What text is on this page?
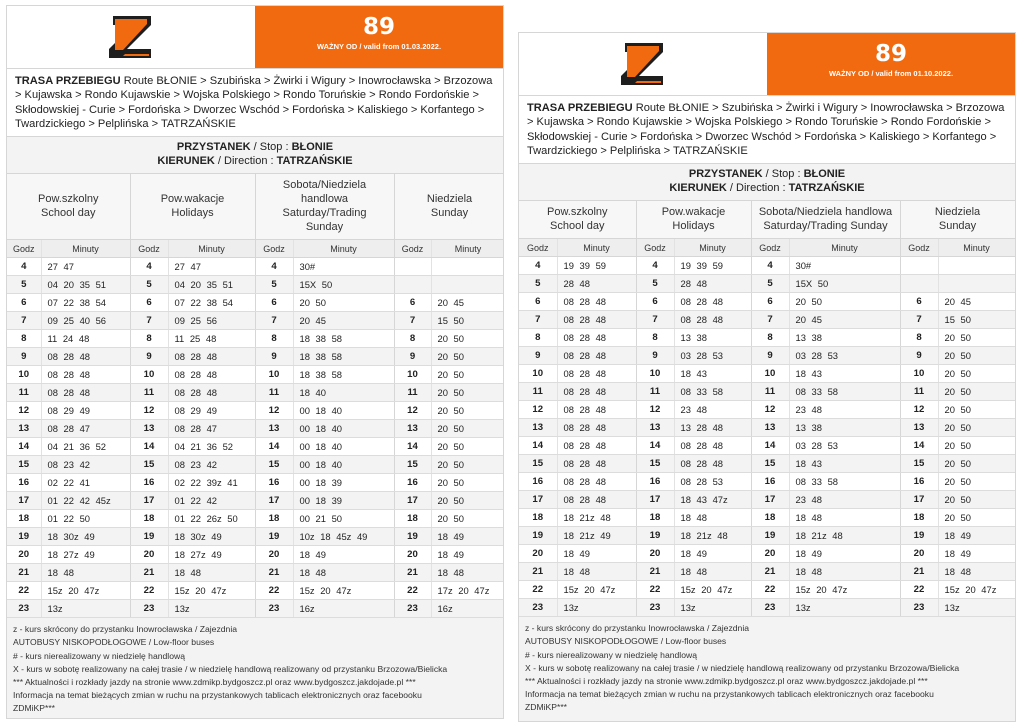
89
WAŻNY OD / valid from 01.03.2022.
TRASA PRZEBIEGU Route BŁONIE > Szubińska > Żwirki i Wigury > Inowrocławska > Brzozowa > Kujawska > Rondo Kujawskie > Wojska Polskiego > Rondo Toruńskie > Rondo Fordońskie > Skłodowskiej - Curie > Fordońska > Dworzec Wschód > Fordońska > Kaliskiego > Korfantego > Twardzickiego > Pelplińska > TATRZAŃSKIE
PRZYSTANEK / Stop : BŁONIE
KIERUNEK / Direction : TATRZAŃSKIE
Pow.szkolny
School day		Pow.wakacje
Holidays		Sobota/Niedziela
handlowa
Saturday/Trading
Sunday		Niedziela
Sunday	
Godz	Minuty	Godz	Minuty	Godz	Minuty	Godz	Minuty
4	27 47	4	27 47	4	30#		
5	04 20 35 51	5	04 20 35 51	5	15X 50		
6	07 22 38 54	6	07 22 38 54	6	20 50	6	20 45
7	09 25 40 56	7	09 25 56	7	20 45	7	15 50
8	11 24 48	8	11 25 48	8	18 38 58	8	20 50
9	08 28 48	9	08 28 48	9	18 38 58	9	20 50
10	08 28 48	10	08 28 48	10	18 38 58	10	20 50
11	08 28 48	11	08 28 48	11	18 40	11	20 50
12	08 29 49	12	08 29 49	12	00 18 40	12	20 50
13	08 28 47	13	08 28 47	13	00 18 40	13	20 50
14	04 21 36 52	14	04 21 36 52	14	00 18 40	14	20 50
15	08 23 42	15	08 23 42	15	00 18 40	15	20 50
16	02 22 41	16	02 22 39z 41	16	00 18 39	16	20 50
17	01 22 42 45z	17	01 22 42	17	00 18 39	17	20 50
18	01 22 50	18	01 22 26z 50	18	00 21 50	18	20 50
19	18 30z 49	19	18 30z 49	19	10z 18 45z 49	19	18 49
20	18 27z 49	20	18 27z 49	20	18 49	20	18 49
21	18 48	21	18 48	21	18 48	21	18 48
22	15z 20 47z	22	15z 20 47z	22	15z 20 47z	22	17z 20 47z
23	13z	23	13z	23	16z	23	16z
z - kurs skrócony do przystanku Inowrocławska / Zajezdnia
AUTOBUSY NISKOPODŁOGOWE / Low-floor buses
# - kurs nierealizowany w niedzielę handlową
X - kurs w sobotę realizowany na całej trasie / w niedzielę handlową realizowany od przystanku Brzozowa/Bielicka
*** Aktualności i rozkłady jazdy na stronie www.zdmikp.bydgoszcz.pl oraz www.bydgoszcz.jakdojade.pl ***
Informacja na temat bieżących zmian w ruchu na przystankowych tablicach elektronicznych oraz facebooku
ZDMiKP***
89
WAŻNY OD / valid from 01.10.2022.
TRASA PRZEBIEGU Route BŁONIE > Szubińska > Żwirki i Wigury > Inowrocławska > Brzozowa > Kujawska > Rondo Kujawskie > Wojska Polskiego > Rondo Toruńskie > Rondo Fordońskie > Skłodowskiej - Curie > Fordońska > Dworzec Wschód > Fordońska > Kaliskiego > Korfantego > Twardzickiego > Pelplińska > TATRZAŃSKIE
PRZYSTANEK / Stop : BŁONIE
KIERUNEK / Direction : TATRZAŃSKIE
Pow.szkolny
School day		Pow.wakacje
Holidays		Sobota/Niedziela handlowa
Saturday/Trading Sunday		Niedziela
Sunday	
Godz	Minuty	Godz	Minuty	Godz	Minuty	Godz	Minuty
4	19 39 59	4	19 39 59	4	30#		
5	28 48	5	28 48	5	15X 50		
6	08 28 48	6	08 28 48	6	20 50	6	20 45
7	08 28 48	7	08 28 48	7	20 45	7	15 50
8	08 28 48	8	13 38	8	13 38	8	20 50
9	08 28 48	9	03 28 53	9	03 28 53	9	20 50
10	08 28 48	10	18 43	10	18 43	10	20 50
11	08 28 48	11	08 33 58	11	08 33 58	11	20 50
12	08 28 48	12	23 48	12	23 48	12	20 50
13	08 28 48	13	13 28 48	13	13 38	13	20 50
14	08 28 48	14	08 28 48	14	03 28 53	14	20 50
15	08 28 48	15	08 28 48	15	18 43	15	20 50
16	08 28 48	16	08 28 53	16	08 33 58	16	20 50
17	08 28 48	17	18 43 47z	17	23 48	17	20 50
18	18 21z 48	18	18 48	18	18 48	18	20 50
19	18 21z 49	19	18 21z 48	19	18 21z 48	19	18 49
20	18 49	20	18 49	20	18 49	20	18 49
21	18 48	21	18 48	21	18 48	21	18 48
22	15z 20 47z	22	15z 20 47z	22	15z 20 47z	22	15z 20 47z
23	13z	23	13z	23	13z	23	13z
z - kurs skrócony do przystanku Inowrocławska / Zajezdnia
AUTOBUSY NISKOPODŁOGOWE / Low-floor buses
# - kurs nierealizowany w niedzielę handlową
X - kurs w sobotę realizowany na całej trasie / w niedzielę handlową realizowany od przystanku Brzozowa/Bielicka
*** Aktualności i rozkłady jazdy na stronie www.zdmikp.bydgoszcz.pl oraz www.bydgoszcz.jakdojade.pl ***
Informacja na temat bieżących zmian w ruchu na przystankowych tablicach elektronicznych oraz facebooku
ZDMiKP***
